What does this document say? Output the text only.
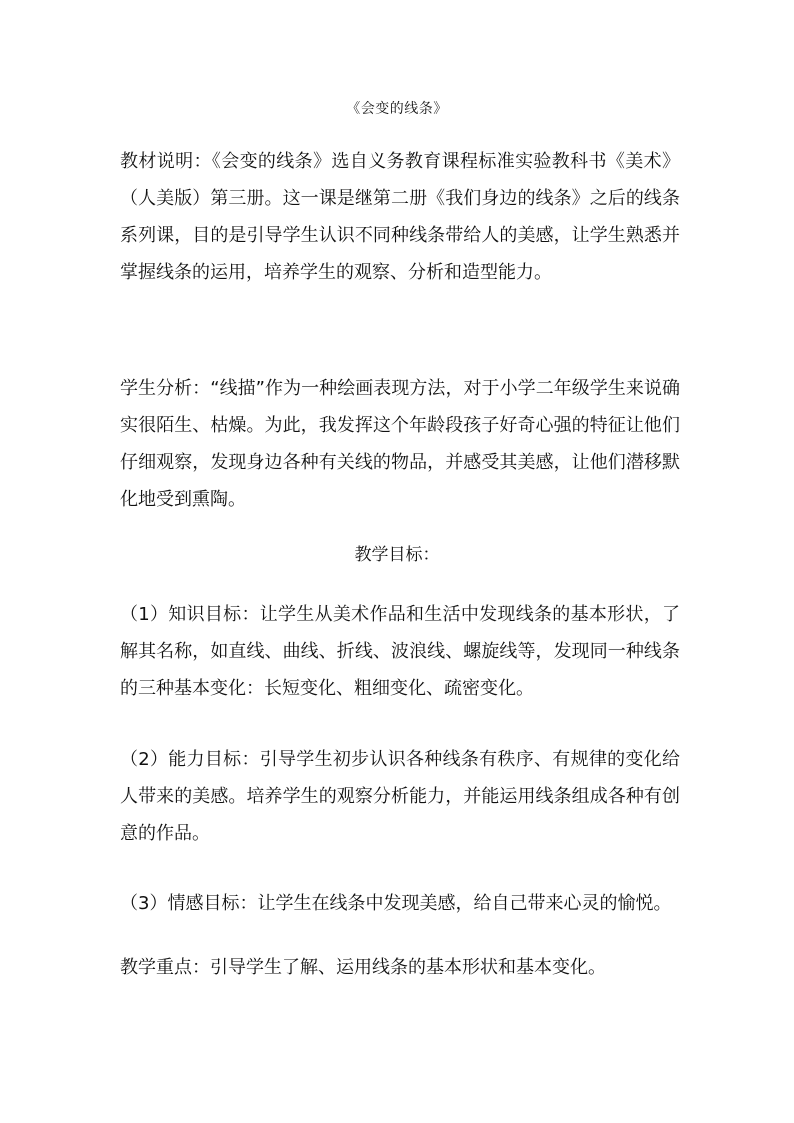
《会变的线条》

教材说明：《会变的线条》选自义务教育课程标准实验教科书《美术》（人美版）第三册。这一课是继第二册《我们身边的线条》之后的线条系列课，目的是引导学生认识不同种线条带给人的美感，让学生熟悉并掌握线条的运用，培养学生的观察、分析和造型能力。

学生分析：“线描”作为一种绘画表现方法，对于小学二年级学生来说确实很陌生、枯燥。为此，我发挥这个年龄段孩子好奇心强的特征让他们仔细观察，发现身边各种有关线的物品，并感受其美感，让他们潜移默化地受到熏陶。

教学目标：

（1）知识目标：让学生从美术作品和生活中发现线条的基本形状，了解其名称，如直线、曲线、折线、波浪线、螺旋线等，发现同一种线条的三种基本变化：长短变化、粗细变化、疏密变化。

（2）能力目标：引导学生初步认识各种线条有秩序、有规律的变化给人带来的美感。培养学生的观察分析能力，并能运用线条组成各种有创意的作品。

（3）情感目标：让学生在线条中发现美感，给自己带来心灵的愉悦。

教学重点：引导学生了解、运用线条的基本形状和基本变化。
